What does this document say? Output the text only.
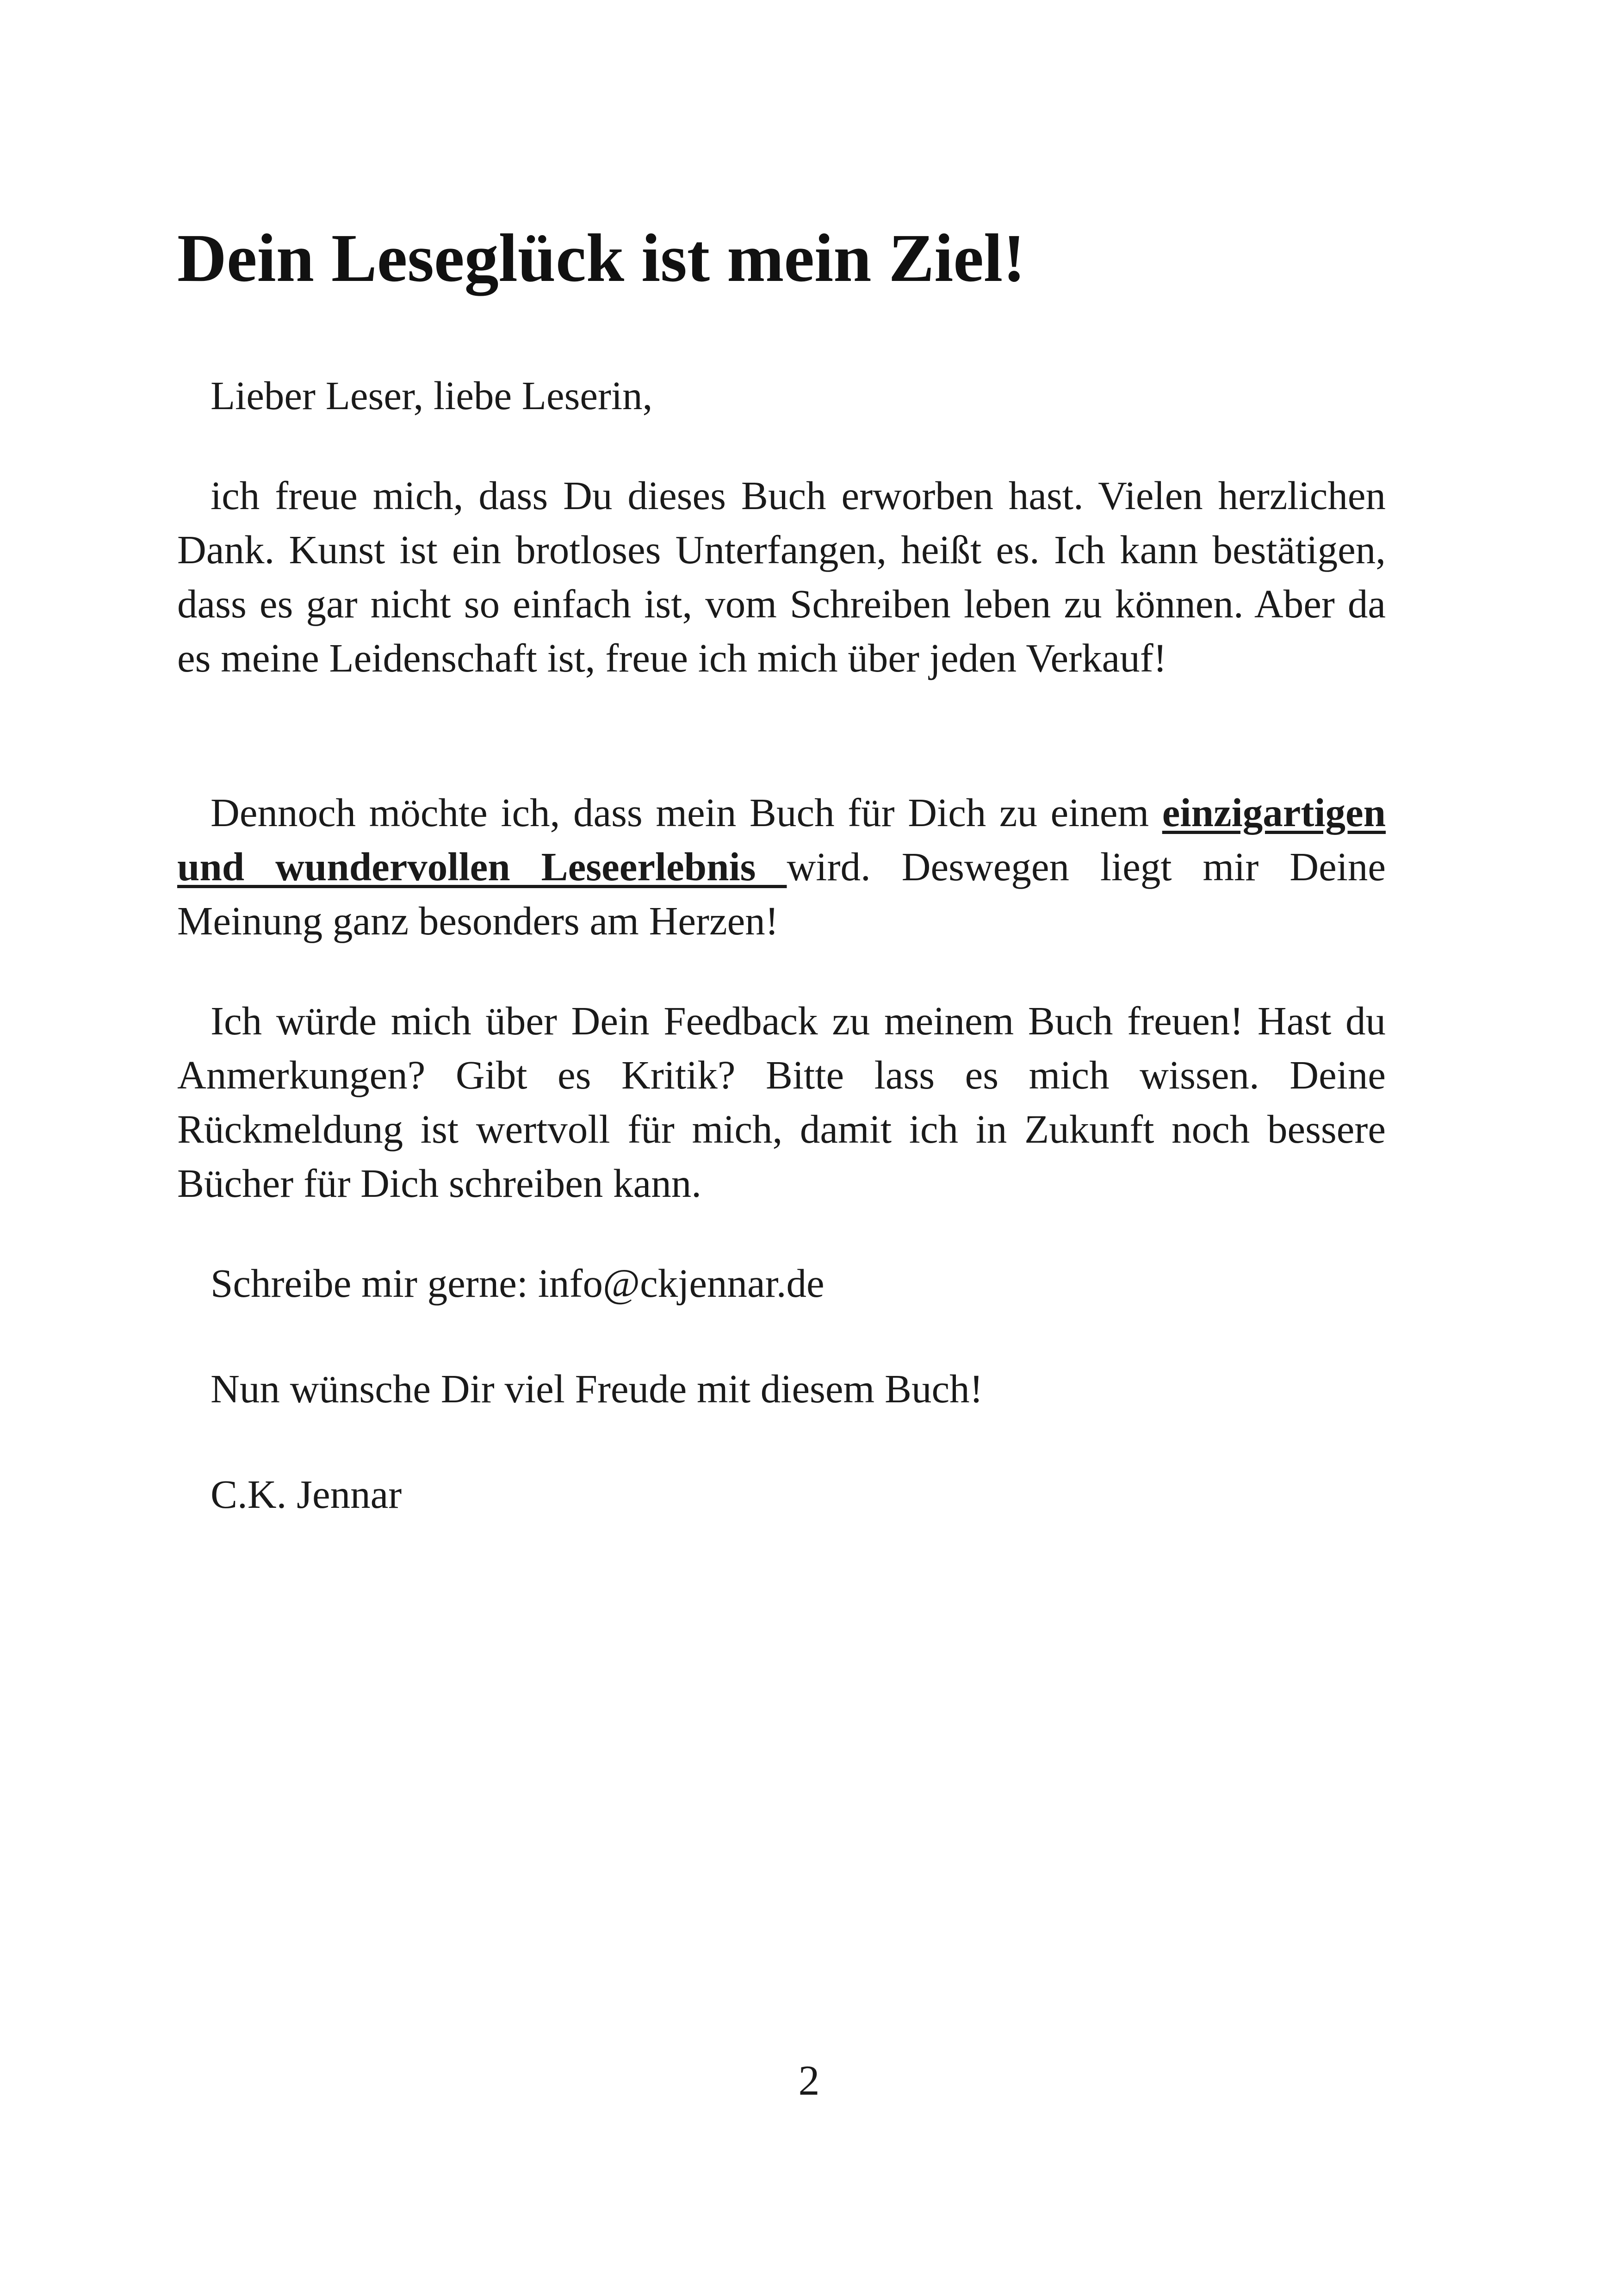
Dein Leseglück ist mein Ziel!

Lieber Leser, liebe Leserin,

ich freue mich, dass Du dieses Buch erworben hast. Vielen herzlichen Dank. Kunst ist ein brotloses Unterfangen, heißt es. Ich kann bestätigen, dass es gar nicht so einfach ist, vom Schreiben leben zu können. Aber da es meine Leidenschaft ist, freue ich mich über jeden Verkauf!

Dennoch möchte ich, dass mein Buch für Dich zu einem einzigartigen und wundervollen Leseerlebnis wird. Deswegen liegt mir Deine Meinung ganz besonders am Herzen!

Ich würde mich über Dein Feedback zu meinem Buch freuen! Hast du Anmerkungen? Gibt es Kritik? Bitte lass es mich wissen. Deine Rückmeldung ist wertvoll für mich, damit ich in Zukunft noch bessere Bücher für Dich schreiben kann.

Schreibe mir gerne: info@ckjennar.de

Nun wünsche Dir viel Freude mit diesem Buch!

C.K. Jennar

2
